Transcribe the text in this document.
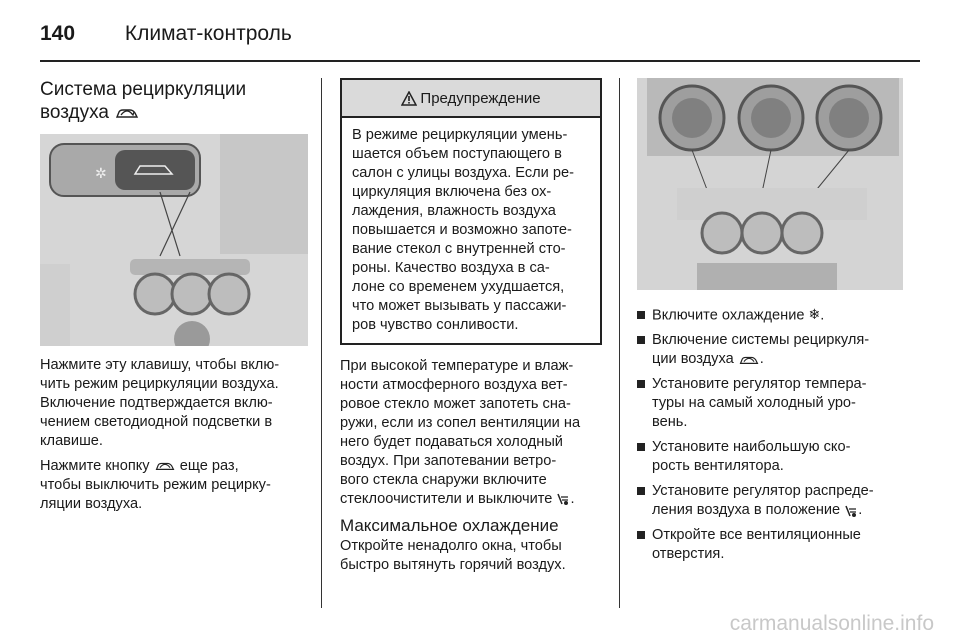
140 Климат-контроль
Система рециркуляции
воздуха
✲

Нажмите эту клавишу, чтобы вклю-
чить режим рециркуляции воздуха.
Включение подтверждается вклю-
чением светодиодной подсветки в
клавише.

Нажмите кнопку еще раз,
чтобы выключить режим рецирку-
ляции воздуха.

Предупреждение
В режиме рециркуляции умень-
шается объем поступающего в
салон с улицы воздуха. Если ре-
циркуляция включена без ох-
лаждения, влажность воздуха
повышается и возможно запоте-
вание стекол с внутренней сто-
роны. Качество воздуха в са-
лоне со временем ухудшается,
что может вызывать у пассажи-
ров чувство сонливости.

При высокой температуре и влаж-
ности атмосферного воздуха вет-
ровое стекло может запотеть сна-
ружи, если из сопел вентиляции на
него будет подаваться холодный
воздух. При запотевании ветро-
вого стекла снаружи включите
стеклоочистители и выключите .

Максимальное охлаждение

Откройте ненадолго окна, чтобы
быстро вытянуть горячий воздух.

Включите охлаждение ❄.
Включение системы рециркуля-
ции воздуха .
Установите регулятор темпера-
туры на самый холодный уро-
вень.
Установите наибольшую ско-
рость вентилятора.
Установите регулятор распреде-
ления воздуха в положение .
Откройте все вентиляционные
отверстия.
carmanualsonline.info
